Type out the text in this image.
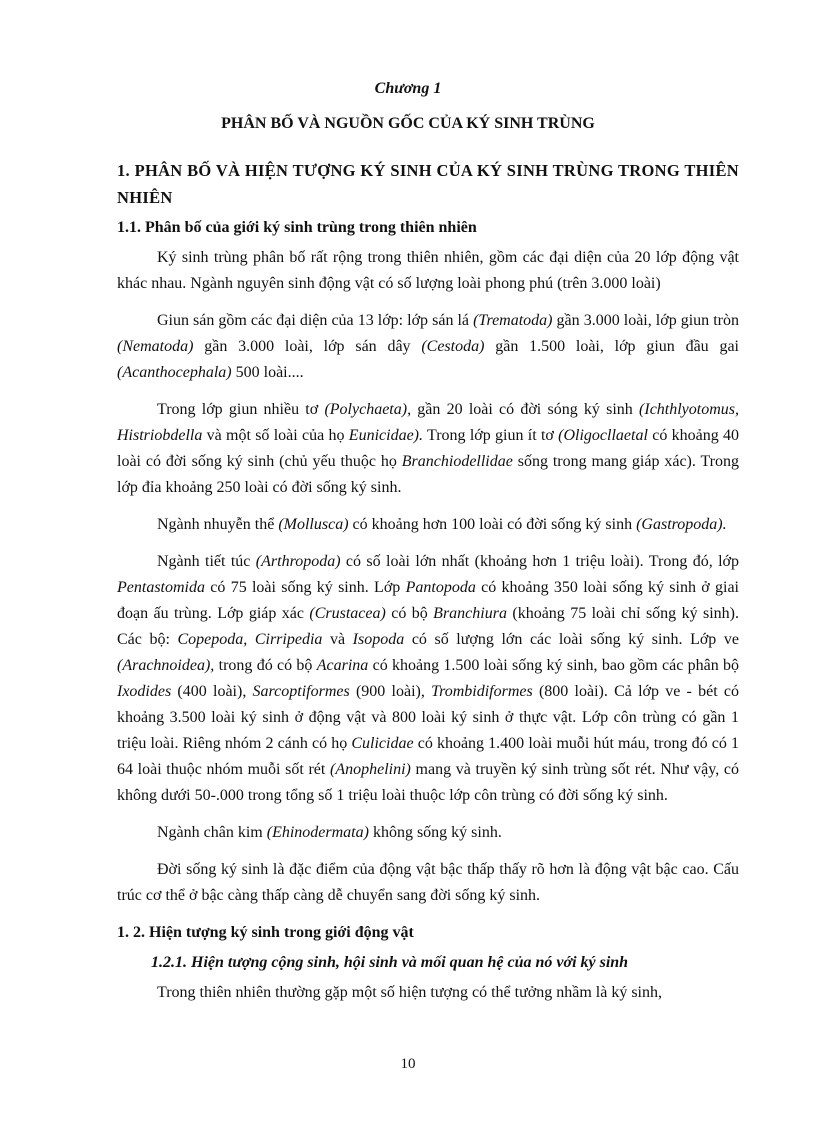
Chương 1
PHÂN BỐ VÀ NGUỒN GỐC CỦA KÝ SINH TRÙNG
1. PHÂN BỐ VÀ HIỆN TƯỢNG KÝ SINH CỦA KÝ SINH TRÙNG TRONG THIÊN NHIÊN
1.1. Phân bố của giới ký sinh trùng trong thiên nhiên

Ký sinh trùng phân bố rất rộng trong thiên nhiên, gồm các đại diện của 20 lớp động vật khác nhau. Ngành nguyên sinh động vật có số lượng loài phong phú (trên 3.000 loài)

Giun sán gồm các đại diện của 13 lớp: lớp sán lá (Trematoda) gần 3.000 loài, lớp giun tròn (Nematoda) gần 3.000 loài, lớp sán dây (Cestoda) gần 1.500 loài, lớp giun đầu gai (Acanthocephala) 500 loài....

Trong lớp giun nhiều tơ (Polychaeta), gần 20 loài có đời sóng ký sinh (Ichthlyotomus, Histriobdella và một số loài của họ Eunicidae). Trong lớp giun ít tơ (Oligocllaetal có khoảng 40 loài có đời sống ký sinh (chủ yếu thuộc họ Branchiodellidae sống trong mang giáp xác). Trong lớp đỉa khoảng 250 loài có đời sống ký sinh.

Ngành nhuyễn thể (Mollusca) có khoảng hơn 100 loài có đời sống ký sinh (Gastropoda).

Ngành tiết túc (Arthropoda) có số loài lớn nhất (khoảng hơn 1 triệu loài). Trong đó, lớp Pentastomida có 75 loài sống ký sinh. Lớp Pantopoda có khoảng 350 loài sống ký sinh ở giai đoạn ấu trùng. Lớp giáp xác (Crustacea) có bộ Branchiura (khoảng 75 loài chỉ sống ký sinh). Các bộ: Copepoda, Cirripedia và Isopoda có số lượng lớn các loài sống ký sinh. Lớp ve (Arachnoidea), trong đó có bộ Acarina có khoảng 1.500 loài sống ký sinh, bao gồm các phân bộ Ixodides (400 loài), Sarcoptiformes (900 loài), Trombidiformes (800 loài). Cả lớp ve - bét có khoảng 3.500 loài ký sinh ở động vật và 800 loài ký sinh ở thực vật. Lớp côn trùng có gần 1 triệu loài. Riêng nhóm 2 cánh có họ Culicidae có khoảng 1.400 loài muỗi hút máu, trong đó có 1 64 loài thuộc nhóm muỗi sốt rét (Anophelini) mang và truyền ký sinh trùng sốt rét. Như vậy, có không dưới 50-.000 trong tổng số 1 triệu loài thuộc lớp côn trùng có đời sống ký sinh.

Ngành chân kim (Ehinodermata) không sống ký sinh.

Đời sống ký sinh là đặc điểm của động vật bậc thấp thấy rõ hơn là động vật bậc cao. Cấu trúc cơ thể ở bậc càng thấp càng dễ chuyển sang đời sống ký sinh.

1. 2. Hiện tượng ký sinh trong giới động vật
1.2.1. Hiện tượng cộng sinh, hội sinh và mối quan hệ của nó với ký sinh

Trong thiên nhiên thường gặp một số hiện tượng có thể tưởng nhầm là ký sinh,

10
